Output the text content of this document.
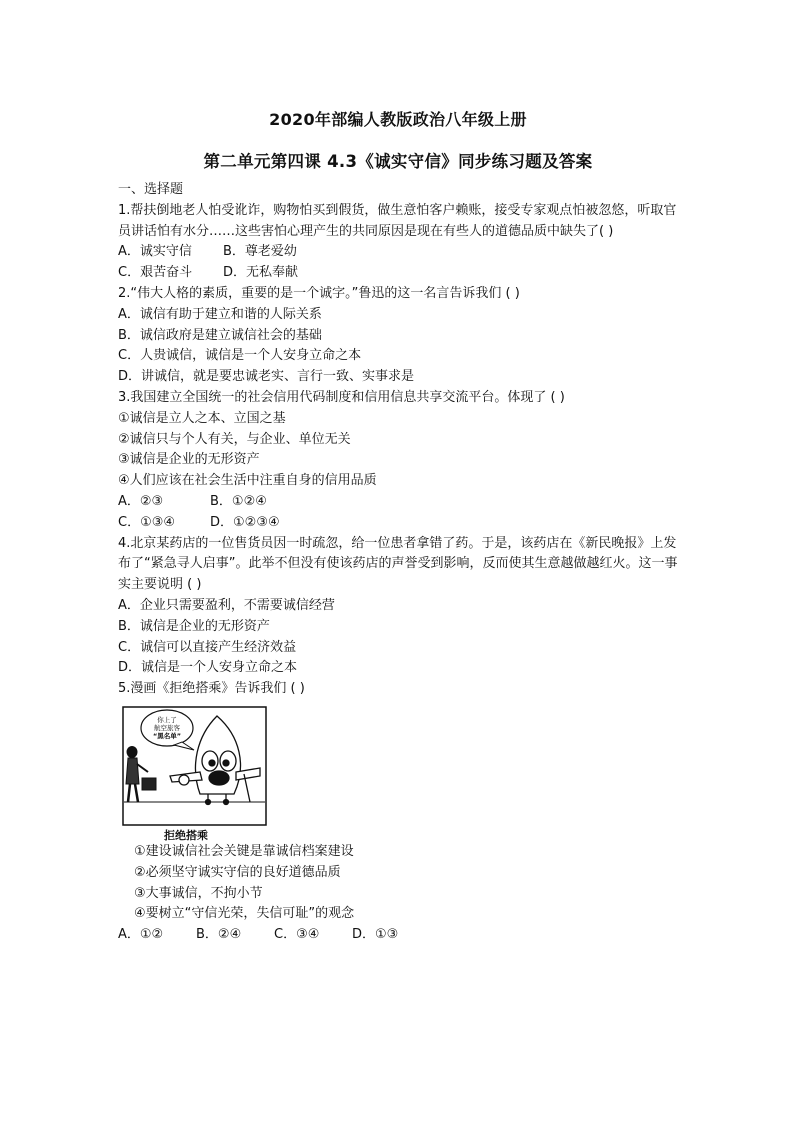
2020年部编人教版政治八年级上册
第二单元第四课 4.3《诚实守信》同步练习题及答案
一、选择题
1.帮扶倒地老人怕受讹诈，购物怕买到假货，做生意怕客户赖账，接受专家观点怕被忽悠，听取官员讲话怕有水分……这些害怕心理产生的共同原因是现在有些人的道德品质中缺失了( )
A．诚实守信 B．尊老爱幼
C．艰苦奋斗 D．无私奉献
2.“伟大人格的素质，重要的是一个诚字。”鲁迅的这一名言告诉我们 ( )
A．诚信有助于建立和谐的人际关系
B．诚信政府是建立诚信社会的基础
C．人贵诚信，诚信是一个人安身立命之本
D．讲诚信，就是要忠诚老实、言行一致、实事求是
3.我国建立全国统一的社会信用代码制度和信用信息共享交流平台。体现了 ( )
①诚信是立人之本、立国之基
②诚信只与个人有关，与企业、单位无关
③诚信是企业的无形资产
④人们应该在社会生活中注重自身的信用品质
A．②③	B．①②④
C．①③④	D．①②③④
4.北京某药店的一位售货员因一时疏忽，给一位患者拿错了药。于是，该药店在《新民晚报》上发布了“紧急寻人启事”。此举不但没有使该药店的声誉受到影响，反而使其生意越做越红火。这一事实主要说明 ( )
A．企业只需要盈利，不需要诚信经营
B．诚信是企业的无形资产
C．诚信可以直接产生经济效益
D．诚信是一个人安身立命之本
5.漫画《拒绝搭乘》告诉我们 ( )
你上了
航空旅客
“黑名单”
拒绝搭乘
①建设诚信社会关键是靠诚信档案建设
②必须坚守诚实守信的良好道德品质
③大事诚信，不拘小节
④要树立“守信光荣，失信可耻”的观念
A．①②	B．②④	C．③④	D．①③
